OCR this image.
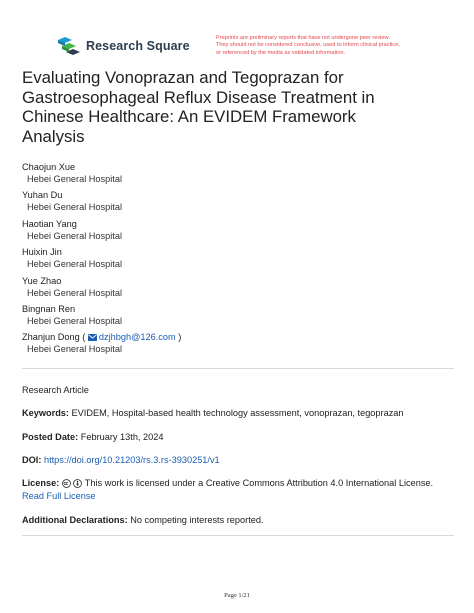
Research Square
Preprints are preliminary reports that have not undergone peer review.
They should not be considered conclusive, used to inform clinical practice,
or referenced by the media as validated information.
Evaluating Vonoprazan and Tegoprazan for
Gastroesophageal Reflux Disease Treatment in
Chinese Healthcare: An EVIDEM Framework
Analysis
Chaojun Xue
Hebei General Hospital
Yuhan Du
Hebei General Hospital
Haotian Yang
Hebei General Hospital
Huixin Jin
Hebei General Hospital
Yue Zhao
Hebei General Hospital
Bingnan Ren
Hebei General Hospital
Zhanjun Dong ( dzjhbgh@126.com )
Hebei General Hospital
Research Article
Keywords: EVIDEM, Hospital-based health technology assessment, vonoprazan, tegoprazan
Posted Date: February 13th, 2024
DOI: https://doi.org/10.21203/rs.3.rs-3930251/v1
License:	This work is licensed under a Creative Commons Attribution 4.0 International License.
Read Full License
Additional Declarations: No competing interests reported.
Page 1/21
